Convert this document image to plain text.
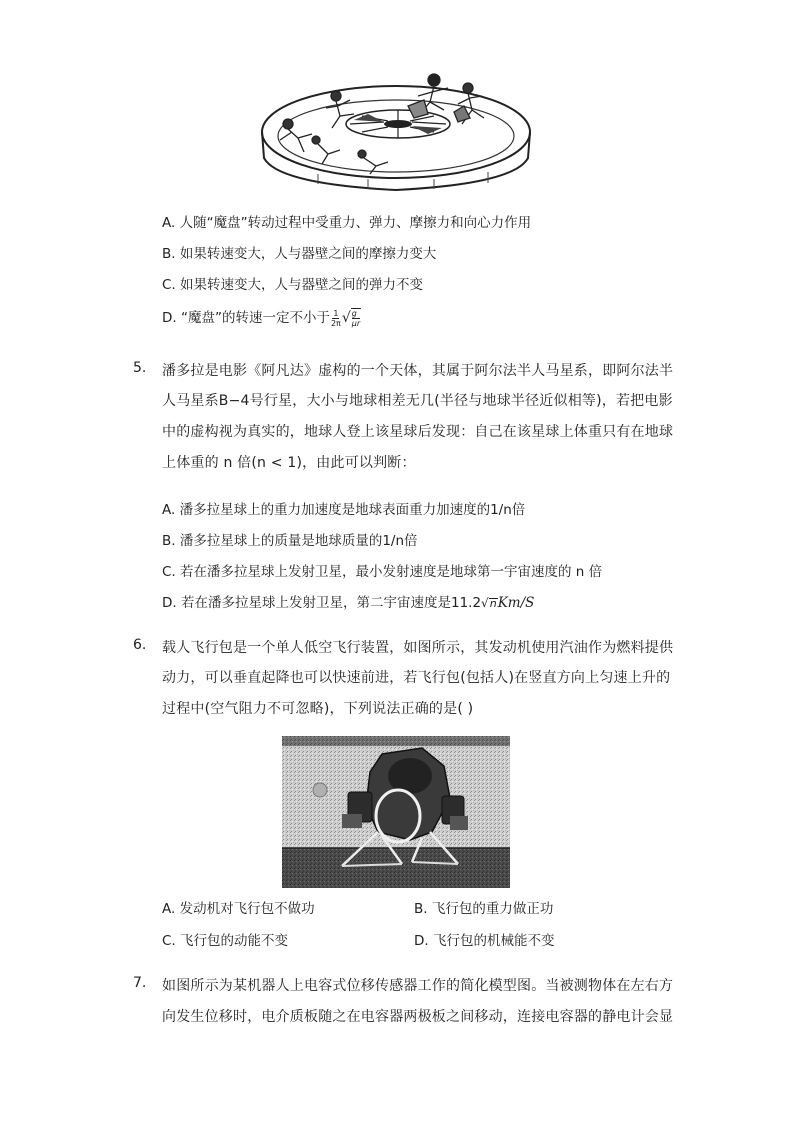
A. 人随“魔盘”转动过程中受重力、弹力、摩擦力和向心力作用
B. 如果转速变大，人与器壁之间的摩擦力变大
C. 如果转速变大，人与器壁之间的弹力不变
D. “魔盘”的转速一定不小于 $\frac{1}{2\pi}$ √ $\frac{g}{\mu r}$
5. 潘多拉是电影《阿凡达》虚构的一个天体，其属于阿尔法半人马星系，即阿尔法半
人马星系B−4号行星，大小与地球相差无几(半径与地球半径近似相等)，若把电影
中的虚构视为真实的，地球人登上该星球后发现：自己在该星球上体重只有在地球
上体重的 n 倍(n < 1)，由此可以判断：
A. 潘多拉星球上的重力加速度是地球表面重力加速度的1/n倍
B. 潘多拉星球上的质量是地球质量的1/n倍
C. 若在潘多拉星球上发射卫星，最小发射速度是地球第一宇宙速度的 n 倍
D. 若在潘多拉星球上发射卫星，第二宇宙速度是11.2√nKm/S
6. 载人飞行包是一个单人低空飞行装置，如图所示，其发动机使用汽油作为燃料提供
动力，可以垂直起降也可以快速前进，若飞行包(包括人)在竖直方向上匀速上升的
过程中(空气阻力不可忽略)，下列说法正确的是( )
A. 发动机对飞行包不做功	B. 飞行包的重力做正功
C. 飞行包的动能不变	D. 飞行包的机械能不变
7. 如图所示为某机器人上电容式位移传感器工作的简化模型图。当被测物体在左右方
向发生位移时，电介质板随之在电容器两极板之间移动，连接电容器的静电计会显
